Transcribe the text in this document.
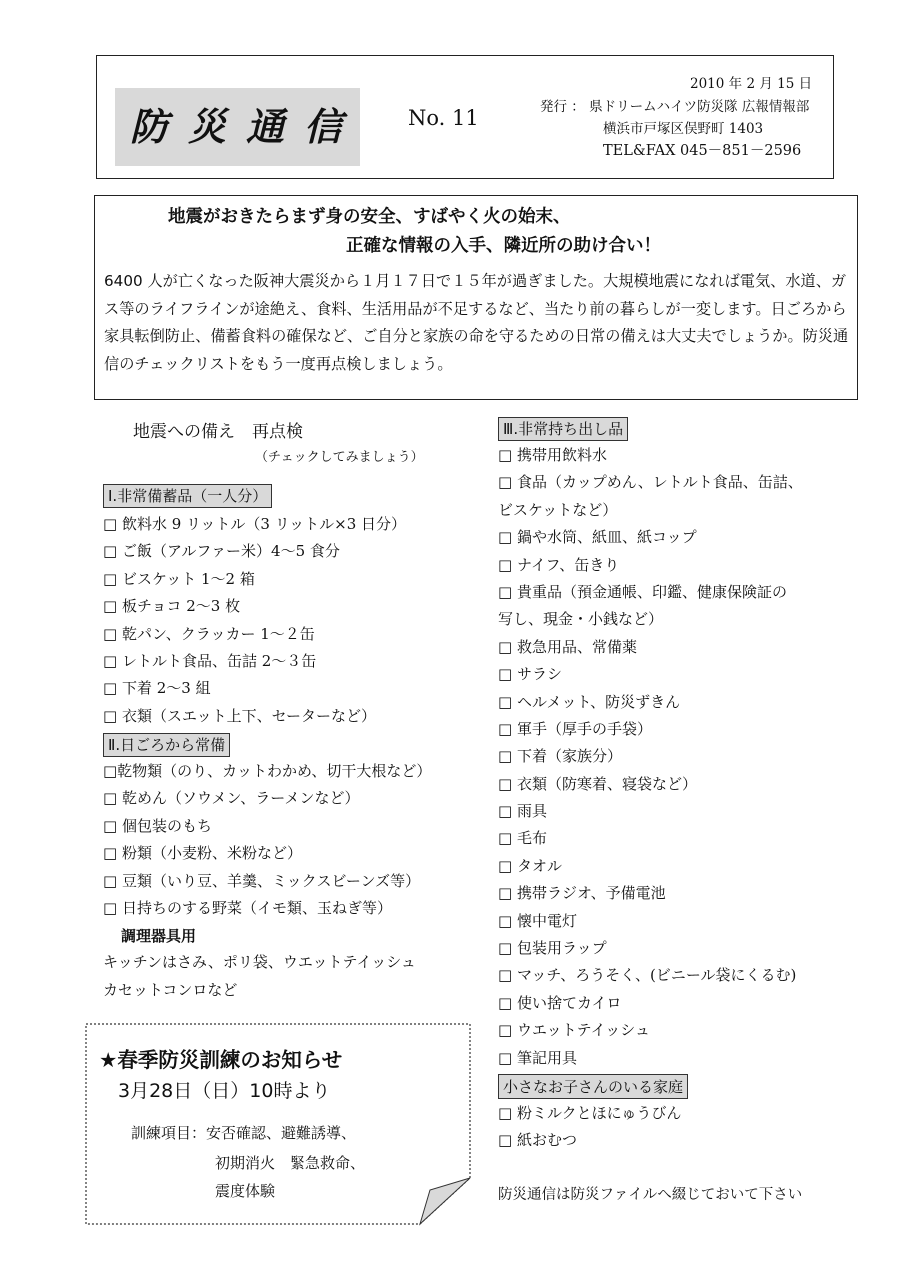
防災通信 No. 11
2010 年 2 月 15 日
発行 ： 県ドリームハイツ防災隊 広報情報部
横浜市戸塚区俣野町 1403
TEL&FAX 045－851－2596
地震がおきたらまず身の安全、すばやく火の始末、
正確な情報の入手、隣近所の助け合い！
6400 人が亡くなった阪神大震災から１月１７日で１５年が過ぎました。大規模地震になれば電気、水道、ガス等のライフラインが途絶え、食料、生活用品が不足するなど、当たり前の暮らしが一変します。日ごろから家具転倒防止、備蓄食料の確保など、ご自分と家族の命を守るための日常の備えは大丈夫でしょうか。防災通信のチェックリストをもう一度再点検しましょう。
地震への備え　再点検
（チェックしてみましょう）
Ⅰ.非常備蓄品（一人分）
□ 飲料水 9 リットル（3 リットル×3 日分）
□ ご飯（アルファー米）4～5 食分
□ ビスケット 1～2 箱
□ 板チョコ 2～3 枚
□ 乾パン、クラッカー 1～２缶
□ レトルト食品、缶詰 2～３缶
□ 下着 2～3 組
□ 衣類（スエット上下、セーターなど）
Ⅱ.日ごろから常備
□乾物類（のり、カットわかめ、切干大根など）
□ 乾めん（ソウメン、ラーメンなど）
□ 個包装のもち
□ 粉類（小麦粉、米粉など）
□ 豆類（いり豆、羊羹、ミックスビーンズ等）
□ 日持ちのする野菜（イモ類、玉ねぎ等）
調理器具用
キッチンはさみ、ポリ袋、ウエットテイッシュ
カセットコンロなど
★春季防災訓練のお知らせ
3月28日（日）10時より
訓練項目：安否確認、避難誘導、
初期消火　緊急救命、
震度体験
Ⅲ.非常持ち出し品
□ 携帯用飲料水
□ 食品（カップめん、レトルト食品、缶詰、
ビスケットなど）
□ 鍋や水筒、紙皿、紙コップ
□ ナイフ、缶きり
□ 貴重品（預金通帳、印鑑、健康保険証の
写し、現金・小銭など）
□ 救急用品、常備薬
□ サラシ
□ ヘルメット、防災ずきん
□ 軍手（厚手の手袋）
□ 下着（家族分）
□ 衣類（防寒着、寝袋など）
□ 雨具
□ 毛布
□ タオル
□ 携帯ラジオ、予備電池
□ 懐中電灯
□ 包装用ラップ
□ マッチ、ろうそく、(ビニール袋にくるむ)
□ 使い捨てカイロ
□ ウエットテイッシュ
□ 筆記用具
小さなお子さんのいる家庭
□ 粉ミルクとほにゅうびん
□ 紙おむつ
防災通信は防災ファイルへ綴じておいて下さい
